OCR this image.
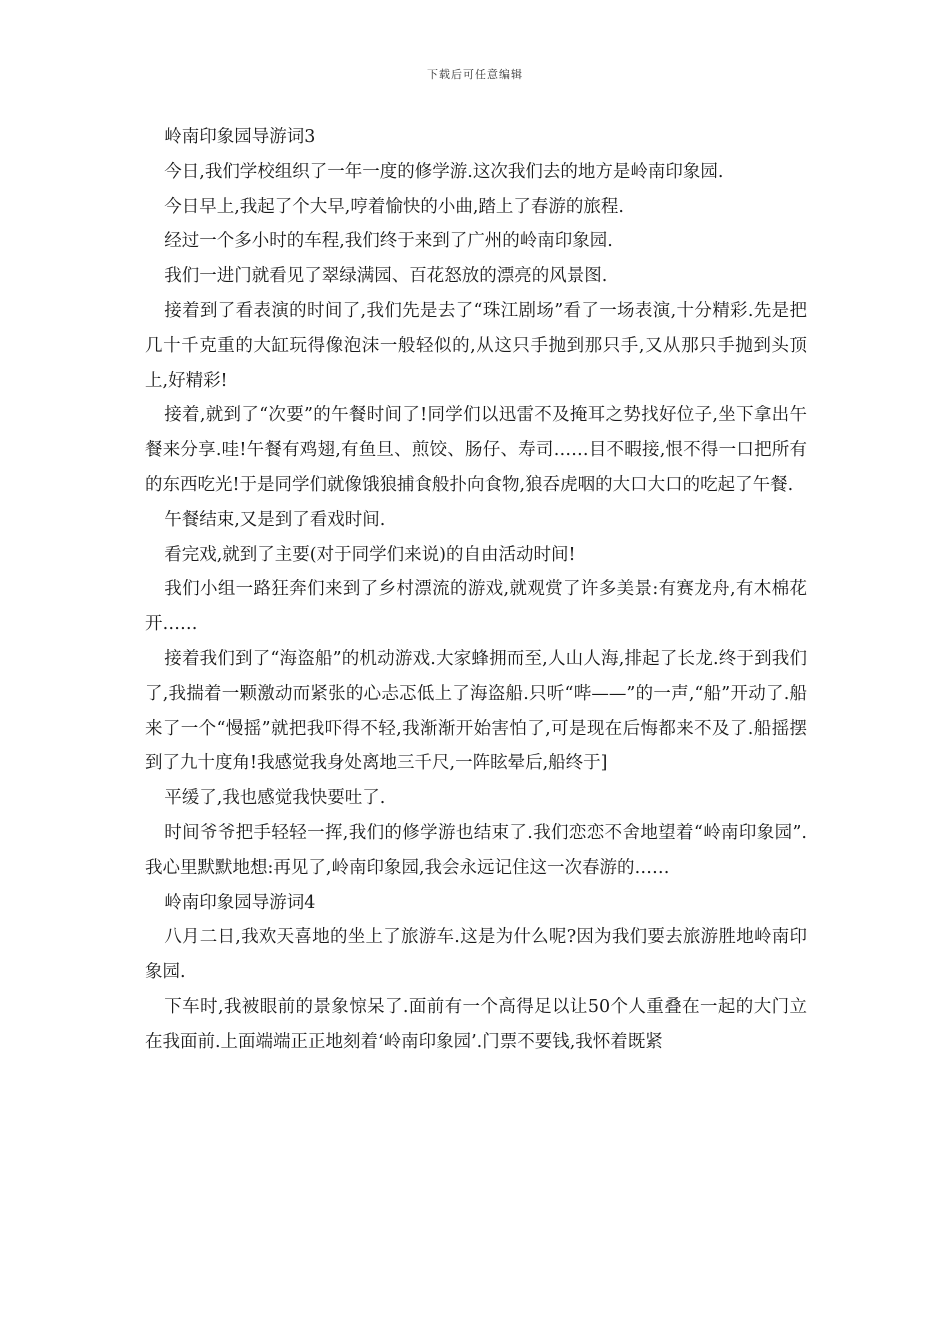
下载后可任意编辑

岭南印象园导游词3

今日,我们学校组织了一年一度的修学游.这次我们去的地方是岭南印象园.

今日早上,我起了个大早,哼着愉快的小曲,踏上了春游的旅程.

经过一个多小时的车程,我们终于来到了广州的岭南印象园.

我们一进门就看见了翠绿满园、百花怒放的漂亮的风景图.

接着到了看表演的时间了,我们先是去了“珠江剧场”看了一场表演,十分精彩.先是把几十千克重的大缸玩得像泡沫一般轻似的,从这只手抛到那只手,又从那只手抛到头顶上,好精彩!

接着,就到了“次要”的午餐时间了!同学们以迅雷不及掩耳之势找好位子,坐下拿出午餐来分享.哇!午餐有鸡翅,有鱼旦、煎饺、肠仔、寿司……目不暇接,恨不得一口把所有的东西吃光!于是同学们就像饿狼捕食般扑向食物,狼吞虎咽的大口大口的吃起了午餐.

午餐结束,又是到了看戏时间.

看完戏,就到了主要(对于同学们来说)的自由活动时间!

我们小组一路狂奔们来到了乡村漂流的游戏,就观赏了许多美景:有赛龙舟,有木棉花开……

接着我们到了“海盗船”的机动游戏.大家蜂拥而至,人山人海,排起了长龙.终于到我们了,我揣着一颗激动而紧张的心忐忑低上了海盗船.只听“哔——”的一声,“船”开动了.船来了一个“慢摇”就把我吓得不轻,我渐渐开始害怕了,可是现在后悔都来不及了.船摇摆到了九十度角!我感觉我身处离地三千尺,一阵眩晕后,船终于]

平缓了,我也感觉我快要吐了.

时间爷爷把手轻轻一挥,我们的修学游也结束了.我们恋恋不舍地望着“岭南印象园”.我心里默默地想:再见了,岭南印象园,我会永远记住这一次春游的……

岭南印象园导游词4

八月二日,我欢天喜地的坐上了旅游车.这是为什么呢?因为我们要去旅游胜地岭南印象园.

下车时,我被眼前的景象惊呆了.面前有一个高得足以让50个人重叠在一起的大门立在我面前.上面端端正正地刻着‘岭南印象园’.门票不要钱,我怀着既紧
